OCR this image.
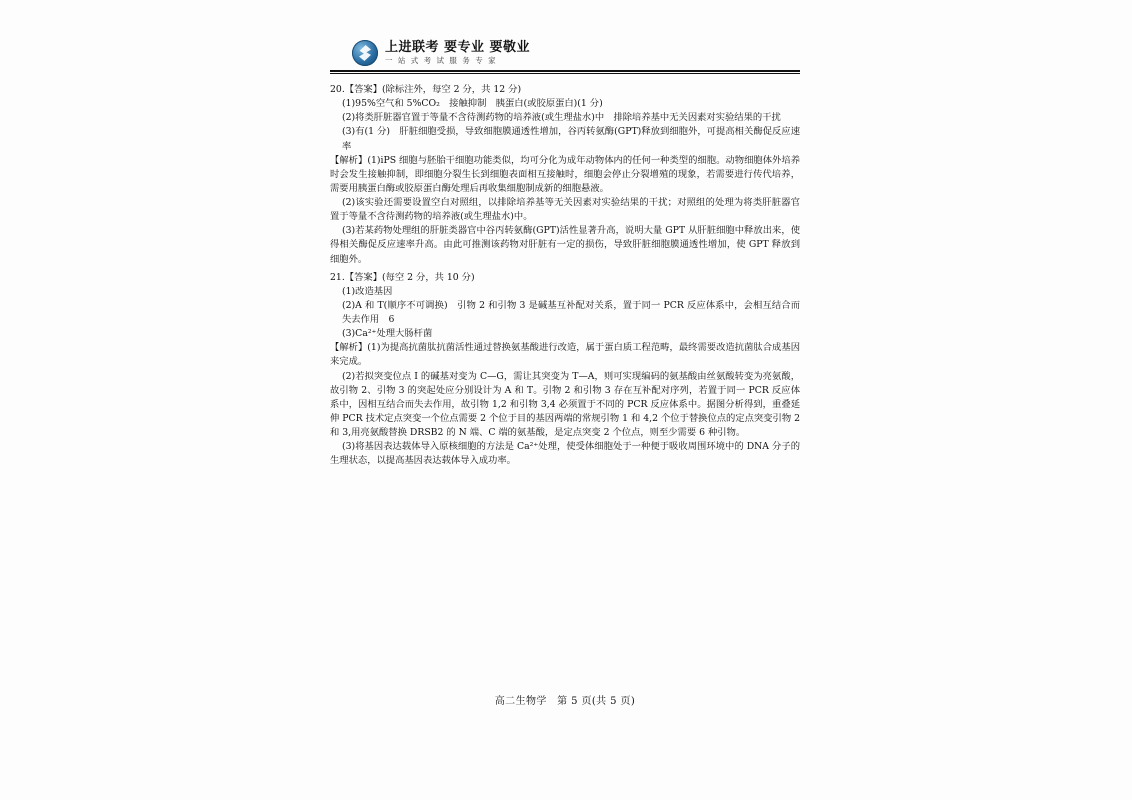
上进联考 要专业 要敬业
一 站 式 考 试 服 务 专 家
20.【答案】(除标注外，每空 2 分，共 12 分)
(1)95%空气和 5%CO₂　接触抑制　胰蛋白(或胶原蛋白)(1 分)
(2)将类肝脏器官置于等量不含待测药物的培养液(或生理盐水)中　排除培养基中无关因素对实验结果的干扰
(3)有(1 分)　肝脏细胞受损，导致细胞膜通透性增加，谷丙转氨酶(GPT)释放到细胞外，可提高相关酶促反应速率
【解析】(1)iPS 细胞与胚胎干细胞功能类似，均可分化为成年动物体内的任何一种类型的细胞。动物细胞体外培养时会发生接触抑制，即细胞分裂生长到细胞表面相互接触时，细胞会停止分裂增殖的现象，若需要进行传代培养，需要用胰蛋白酶或胶原蛋白酶处理后再收集细胞制成新的细胞悬液。
(2)该实验还需要设置空白对照组，以排除培养基等无关因素对实验结果的干扰；对照组的处理为将类肝脏器官置于等量不含待测药物的培养液(或生理盐水)中。
(3)若某药物处理组的肝脏类器官中谷丙转氨酶(GPT)活性显著升高，说明大量 GPT 从肝脏细胞中释放出来，使得相关酶促反应速率升高。由此可推测该药物对肝脏有一定的损伤，导致肝脏细胞膜通透性增加，使 GPT 释放到细胞外。
21.【答案】(每空 2 分，共 10 分)
(1)改造基因
(2)A 和 T(顺序不可调换)　引物 2 和引物 3 是碱基互补配对关系，置于同一 PCR 反应体系中，会相互结合而失去作用　6
(3)Ca²⁺处理大肠杆菌
【解析】(1)为提高抗菌肽抗菌活性通过替换氨基酸进行改造，属于蛋白质工程范畴，最终需要改造抗菌肽合成基因来完成。
(2)若拟突变位点 I 的碱基对变为 C—G，需让其突变为 T—A，则可实现编码的氨基酸由丝氨酸转变为亮氨酸，故引物 2、引物 3 的突起处应分别设计为 A 和 T。引物 2 和引物 3 存在互补配对序列，若置于同一 PCR 反应体系中，因相互结合而失去作用，故引物 1,2 和引物 3,4 必须置于不同的 PCR 反应体系中。据图分析得到，重叠延伸 PCR 技术定点突变一个位点需要 2 个位于目的基因两端的常规引物 1 和 4,2 个位于替换位点的定点突变引物 2 和 3,用亮氨酸替换 DRSB2 的 N 端、C 端的氨基酸，是定点突变 2 个位点，则至少需要 6 种引物。
(3)将基因表达载体导入原核细胞的方法是 Ca²⁺处理，使受体细胞处于一种便于吸收周围环境中的 DNA 分子的生理状态，以提高基因表达载体导入成功率。
高二生物学　第 5 页(共 5 页)
